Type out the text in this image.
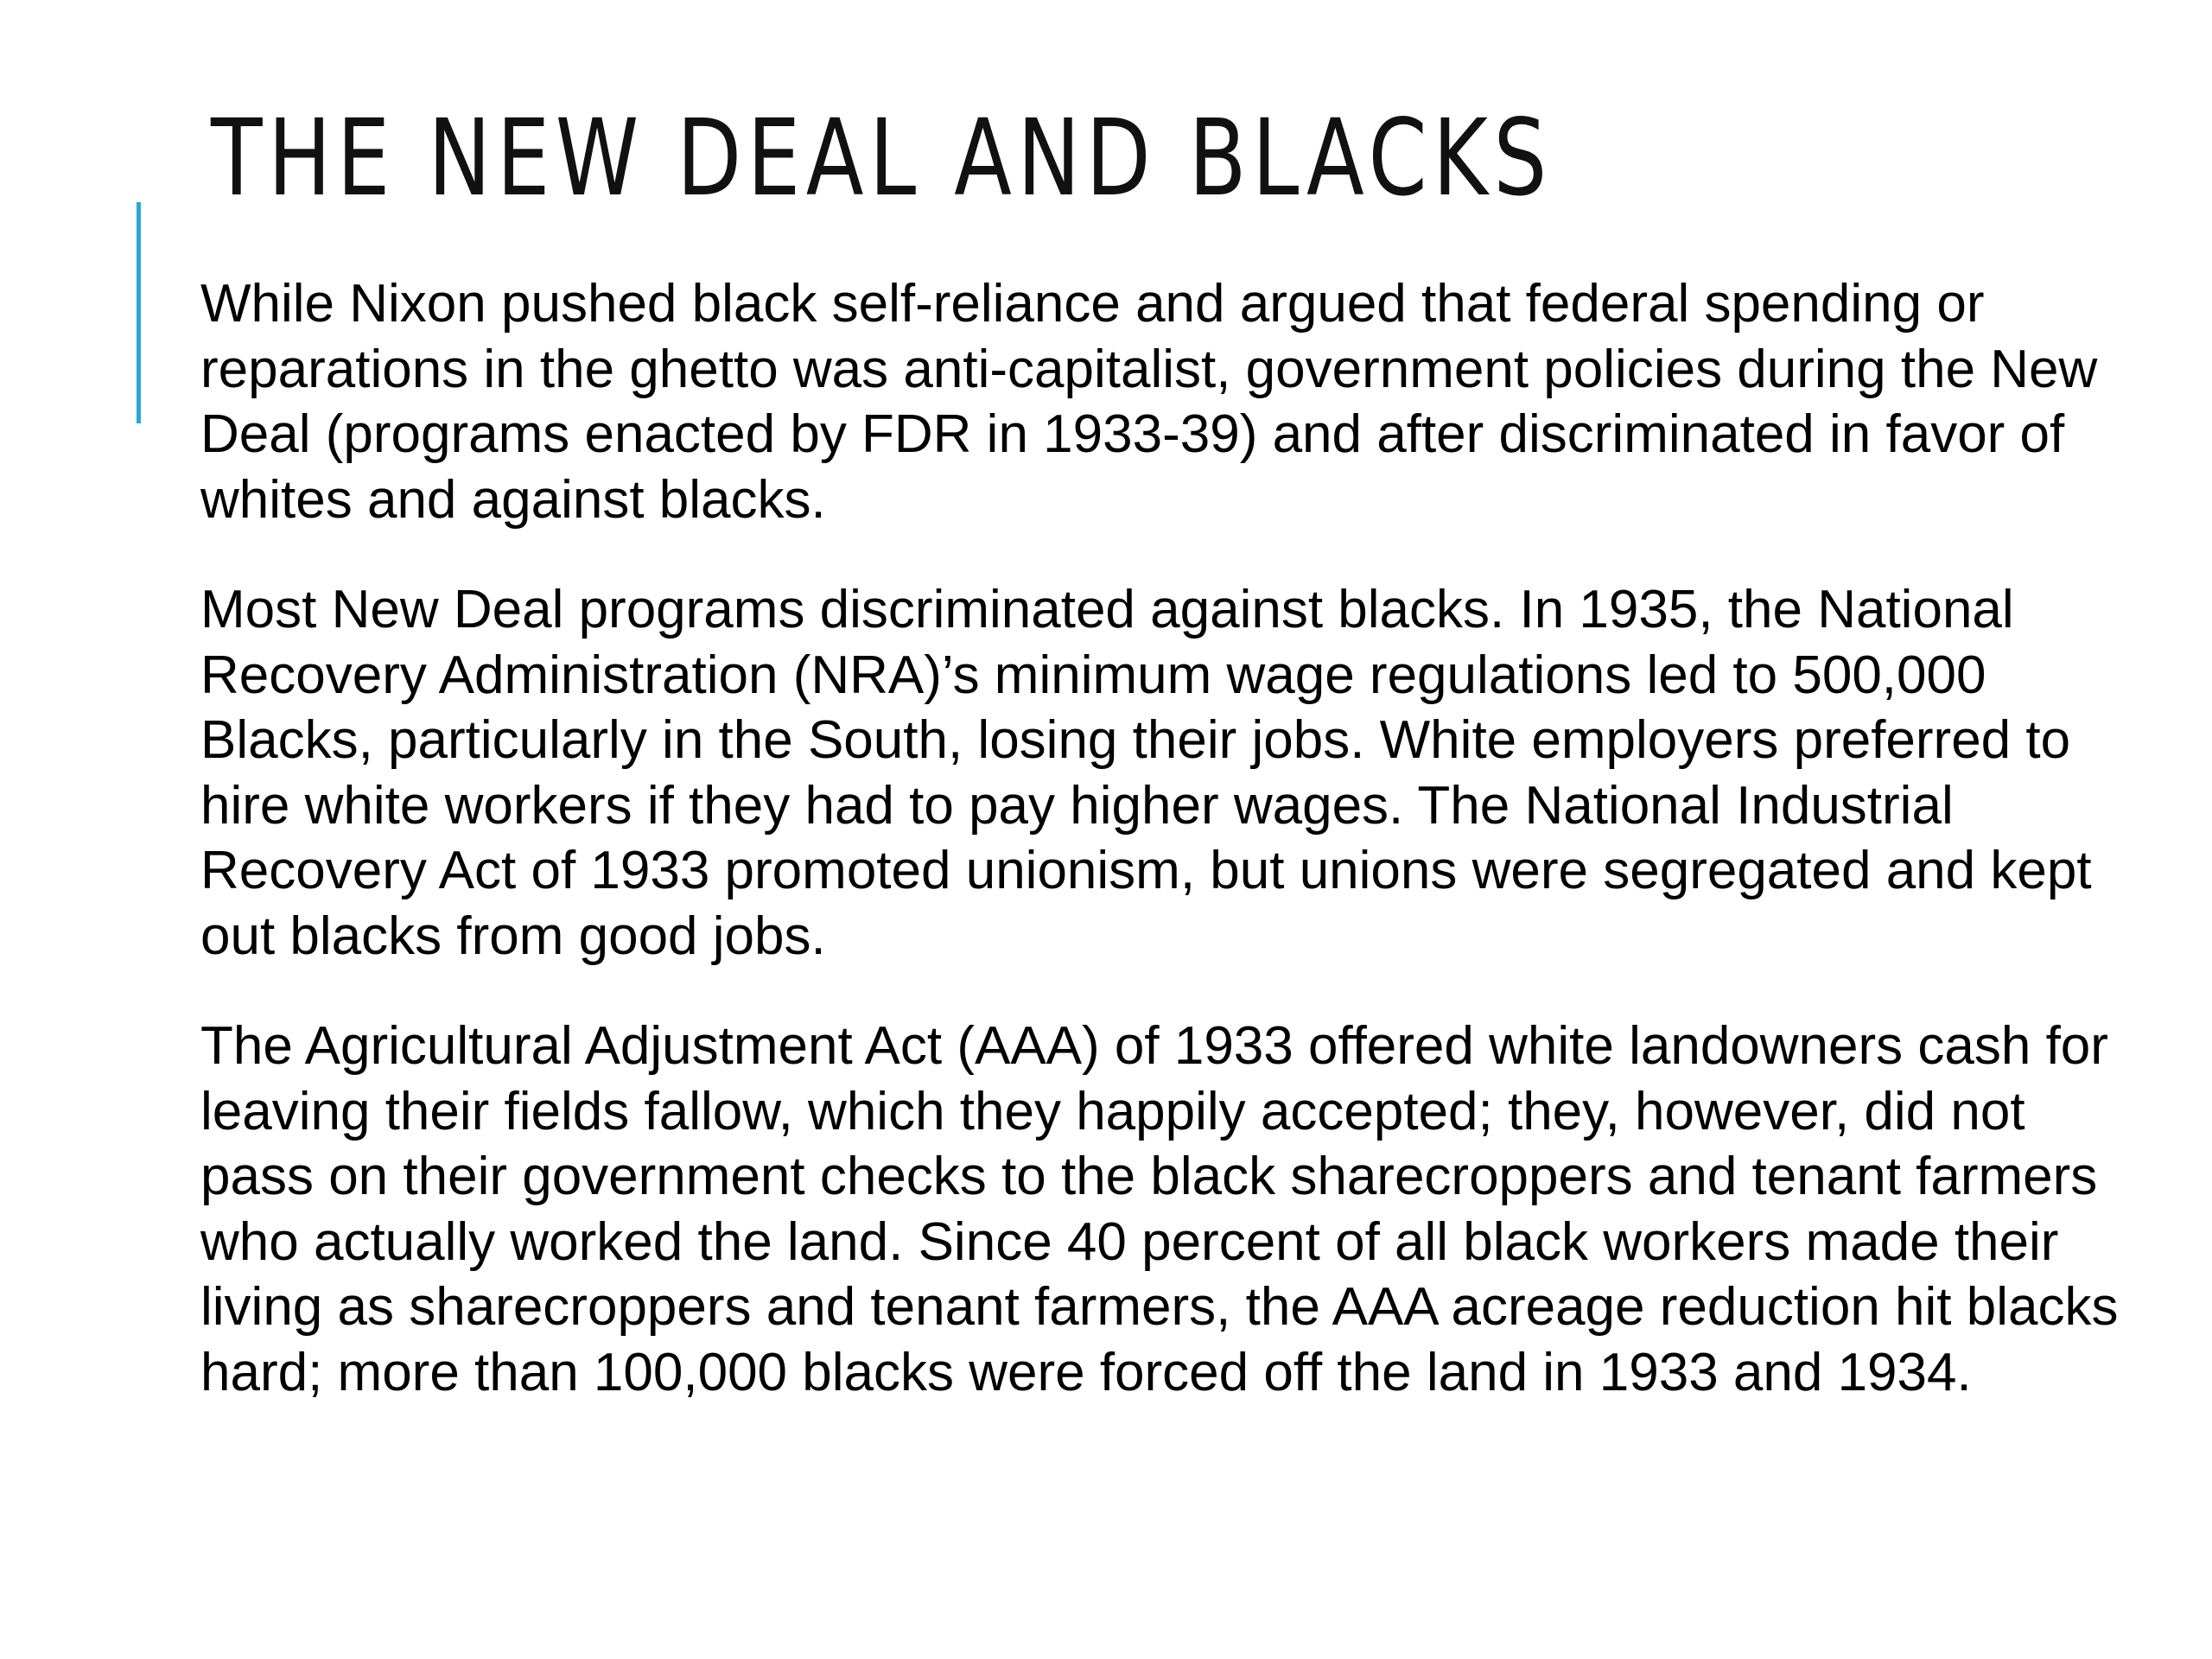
THE NEW DEAL AND BLACKS

While Nixon pushed black self-reliance and argued that federal spending or reparations in the ghetto was anti-capitalist, government policies during the New Deal (programs enacted by FDR in 1933-39) and after discriminated in favor of whites and against blacks.

Most New Deal programs discriminated against blacks. In 1935, the National Recovery Administration (NRA)’s minimum wage regulations led to 500,000 Blacks, particularly in the South, losing their jobs. White employers preferred to hire white workers if they had to pay higher wages. The National Industrial Recovery Act of 1933 promoted unionism, but unions were segregated and kept out blacks from good jobs.

The Agricultural Adjustment Act (AAA) of 1933 offered white landowners cash for leaving their fields fallow, which they happily accepted; they, however, did not pass on their government checks to the black sharecroppers and tenant farmers who actually worked the land. Since 40 percent of all black workers made their living as sharecroppers and tenant farmers, the AAA acreage reduction hit blacks hard; more than 100,000 blacks were forced off the land in 1933 and 1934.
